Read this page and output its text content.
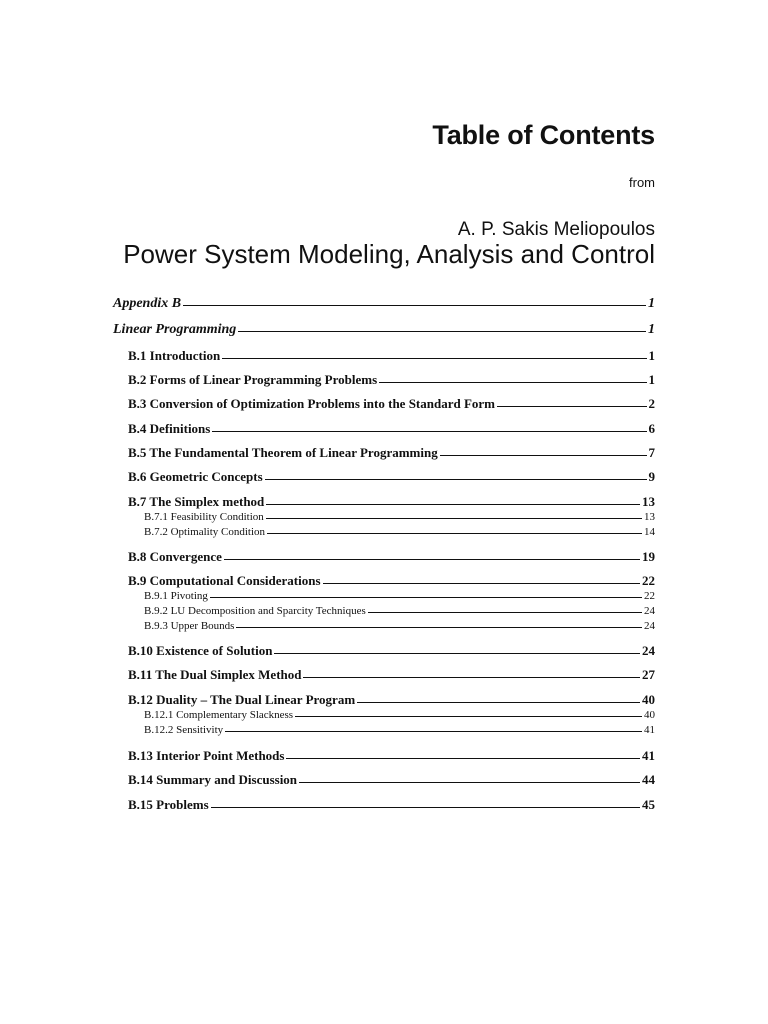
Table of Contents
from
A. P. Sakis Meliopoulos
Power System Modeling, Analysis and Control
Appendix B	1
Linear Programming	1
B.1 Introduction	1
B.2 Forms of Linear Programming Problems	1
B.3 Conversion of Optimization Problems into the Standard Form	2
B.4 Definitions	6
B.5 The Fundamental Theorem of Linear Programming	7
B.6 Geometric Concepts	9
B.7 The Simplex method	13
B.7.1 Feasibility Condition	13
B.7.2 Optimality Condition	14
B.8 Convergence	19
B.9 Computational Considerations	22
B.9.1 Pivoting	22
B.9.2 LU Decomposition and Sparcity Techniques	24
B.9.3 Upper Bounds	24
B.10 Existence of Solution	24
B.11 The Dual Simplex Method	27
B.12 Duality – The Dual Linear Program	40
B.12.1 Complementary Slackness	40
B.12.2 Sensitivity	41
B.13 Interior Point Methods	41
B.14 Summary and Discussion	44
B.15 Problems	45
